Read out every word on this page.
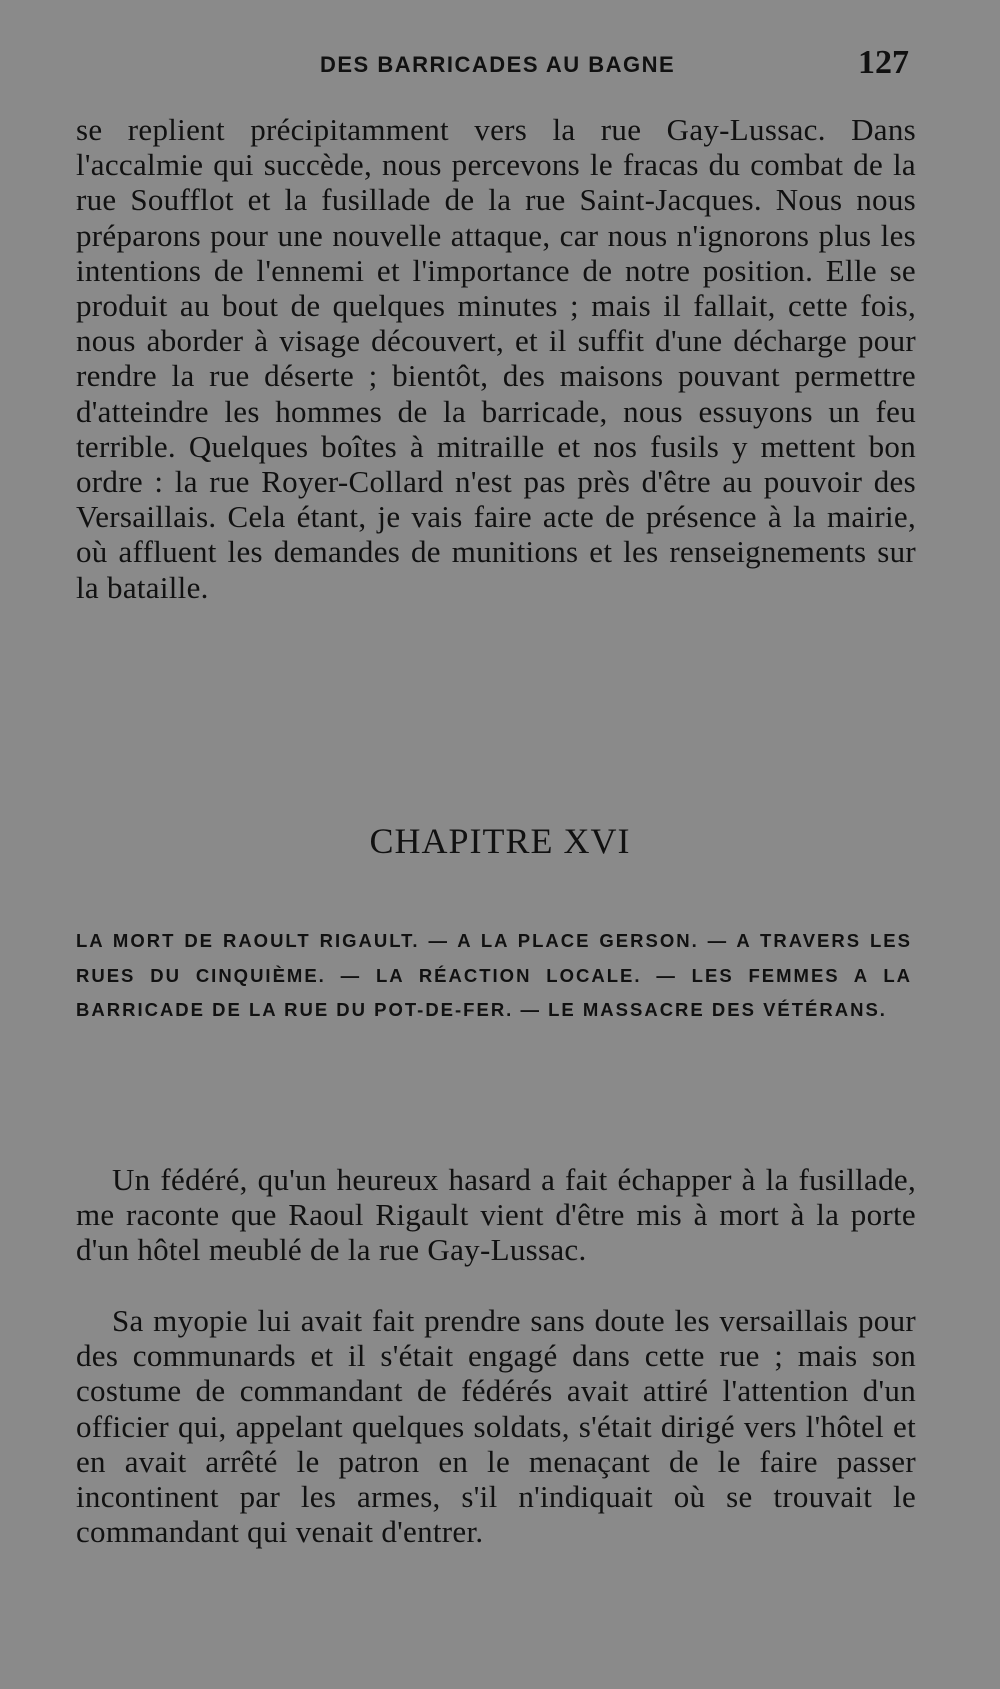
DES BARRICADES AU BAGNE	127

se replient précipitamment vers la rue Gay-Lussac. Dans l'accalmie qui succède, nous percevons le fracas du combat de la rue Soufflot et la fusillade de la rue Saint-Jacques. Nous nous préparons pour une nouvelle attaque, car nous n'ignorons plus les intentions de l'ennemi et l'importance de notre position. Elle se produit au bout de quelques minutes ; mais il fallait, cette fois, nous aborder à visage découvert, et il suffit d'une décharge pour rendre la rue déserte ; bientôt, des maisons pouvant permettre d'atteindre les hommes de la barricade, nous essuyons un feu terrible. Quelques boîtes à mitraille et nos fusils y mettent bon ordre : la rue Royer-Collard n'est pas près d'être au pouvoir des Versaillais. Cela étant, je vais faire acte de présence à la mairie, où affluent les demandes de munitions et les renseignements sur la bataille.

CHAPITRE XVI

LA MORT DE RAOULT RIGAULT. — A LA PLACE GERSON. — A TRAVERS LES RUES DU CINQUIÈME. — LA RÉACTION LOCALE. — LES FEMMES A LA BARRICADE DE LA RUE DU POT-DE-FER. — LE MASSACRE DES VÉTÉRANS.

Un fédéré, qu'un heureux hasard a fait échapper à la fusillade, me raconte que Raoul Rigault vient d'être mis à mort à la porte d'un hôtel meublé de la rue Gay-Lussac.

Sa myopie lui avait fait prendre sans doute les versaillais pour des communards et il s'était engagé dans cette rue ; mais son costume de commandant de fédérés avait attiré l'attention d'un officier qui, appelant quelques soldats, s'était dirigé vers l'hôtel et en avait arrêté le patron en le menaçant de le faire passer incontinent par les armes, s'il n'indiquait où se trouvait le commandant qui venait d'entrer.
